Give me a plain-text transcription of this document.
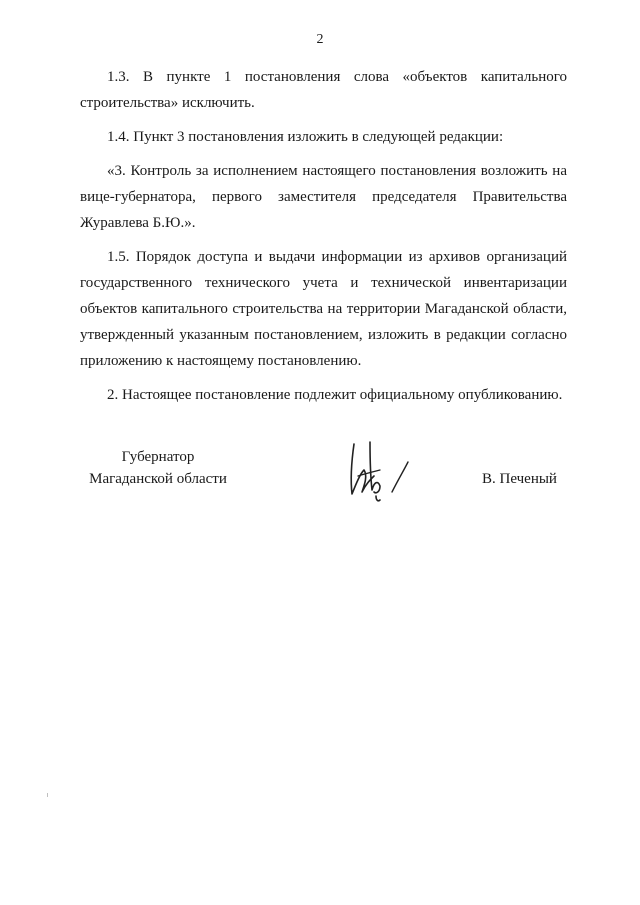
2

1.3. В пункте 1 постановления слова «объектов капитального строительства» исключить.

1.4. Пункт 3 постановления изложить в следующей редакции:

«3. Контроль за исполнением настоящего постановления возложить на вице-губернатора, первого заместителя председателя Правительства Журавлева Б.Ю.».

1.5. Порядок доступа и выдачи информации из архивов организаций государственного технического учета и технической инвентаризации объектов капитального строительства на территории Магаданской области, утвержденный указанным постановлением, изложить в редакции согласно приложению к настоящему постановлению.

2. Настоящее постановление подлежит официальному опубликованию.

Губернатор
Магаданской области	В. Печеный
